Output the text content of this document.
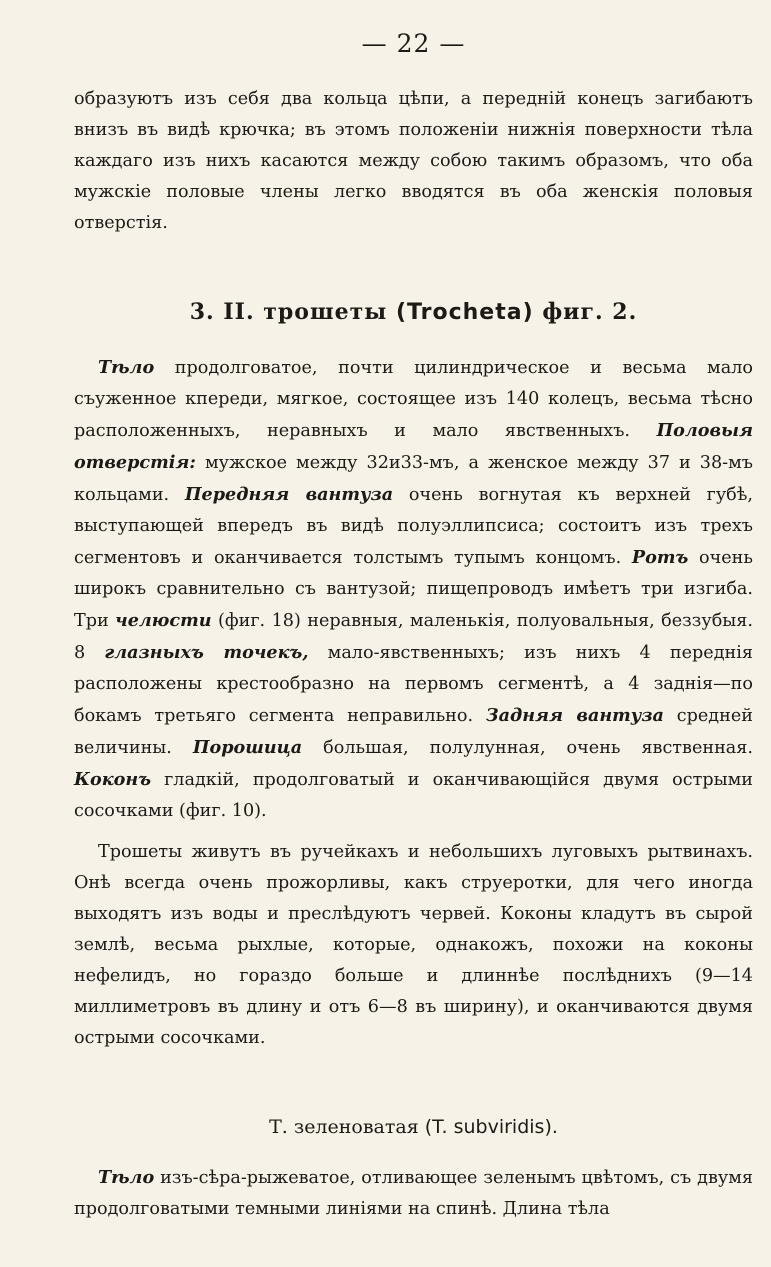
— 22 —

образуютъ изъ себя два кольца цѣпи, а передній конецъ загибаютъ внизъ въ видѣ крючка; въ этомъ положеніи нижнія поверхности тѣла каждаго изъ нихъ касаются между собою такимъ образомъ, что оба мужскіе половые члены легко вводятся въ оба женскія половыя отверстія.

3. II. трошеты (Trocheta) фиг. 2.

Тѣло продолговатое, почти цилиндрическое и весьма мало съуженное кпереди, мягкое, состоящее изъ 140 колецъ, весьма тѣсно расположенныхъ, неравныхъ и мало явственныхъ. Половыя отверстія: мужское между 32и33-мъ, а женское между 37 и 38-мъ кольцами. Передняя вантуза очень вогнутая къ верхней губѣ, выступающей впередъ въ видѣ полуэллипсиса; состоитъ изъ трехъ сегментовъ и оканчивается толстымъ тупымъ концомъ. Ротъ очень широкъ сравнительно съ вантузой; пищепроводъ имѣетъ три изгиба. Три челюсти (фиг. 18) неравныя, маленькія, полуовальныя, беззубыя. 8 глазныхъ точекъ, мало-явственныхъ; изъ нихъ 4 переднія расположены крестообразно на первомъ сегментѣ, а 4 заднія—по бокамъ третьяго сегмента неправильно. Задняя вантуза средней величины. Порошица большая, полулунная, очень явственная. Коконъ гладкій, продолговатый и оканчивающійся двумя острыми сосочками (фиг. 10).

Трошеты живутъ въ ручейкахъ и небольшихъ луговыхъ рытвинахъ. Онѣ всегда очень прожорливы, какъ струеротки, для чего иногда выходятъ изъ воды и преслѣдуютъ червей. Коконы кладутъ въ сырой землѣ, весьма рыхлые, которые, однакожъ, похожи на коконы нефелидъ, но гораздо больше и длиннѣе послѣднихъ (9—14 миллиметровъ въ длину и отъ 6—8 въ ширину), и оканчиваются двумя острыми сосочками.

Т. зеленоватая (T. subviridis).

Тѣло изъ-сѣра-рыжеватое, отливающее зеленымъ цвѣтомъ, съ двумя продолговатыми темными линіями на спинѣ. Длина тѣла
